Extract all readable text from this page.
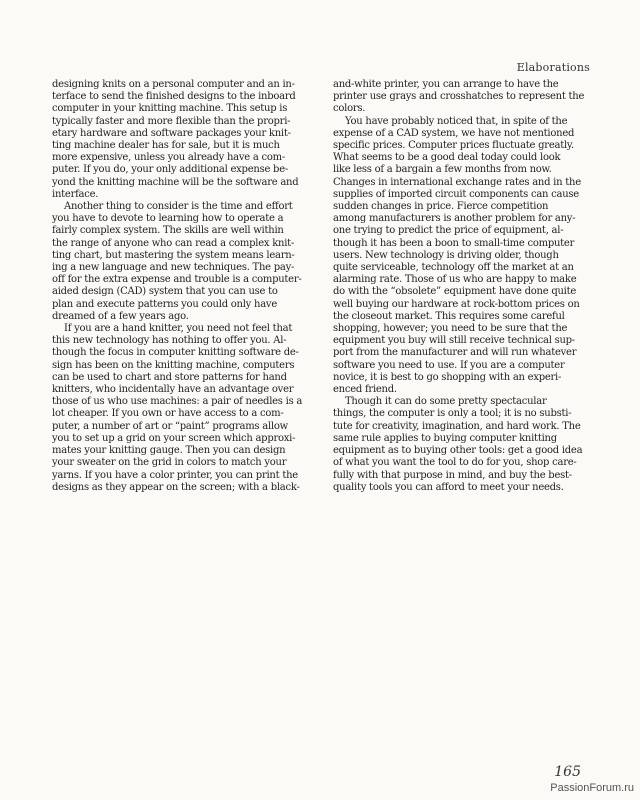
Elaborations
designing knits on a personal computer and an in-
terface to send the finished designs to the inboard
computer in your knitting machine. This setup is
typically faster and more flexible than the propri-
etary hardware and software packages your knit-
ting machine dealer has for sale, but it is much
more expensive, unless you already have a com-
puter. If you do, your only additional expense be-
yond the knitting machine will be the software and
interface.
Another thing to consider is the time and effort
you have to devote to learning how to operate a
fairly complex system. The skills are well within
the range of anyone who can read a complex knit-
ting chart, but mastering the system means learn-
ing a new language and new techniques. The pay-
off for the extra expense and trouble is a computer-
aided design (CAD) system that you can use to
plan and execute patterns you could only have
dreamed of a few years ago.
If you are a hand knitter, you need not feel that
this new technology has nothing to offer you. Al-
though the focus in computer knitting software de-
sign has been on the knitting machine, computers
can be used to chart and store patterns for hand
knitters, who incidentally have an advantage over
those of us who use machines: a pair of needles is a
lot cheaper. If you own or have access to a com-
puter, a number of art or “paint” programs allow
you to set up a grid on your screen which approxi-
mates your knitting gauge. Then you can design
your sweater on the grid in colors to match your
yarns. If you have a color printer, you can print the
designs as they appear on the screen; with a black-
and-white printer, you can arrange to have the
printer use grays and crosshatches to represent the
colors.
You have probably noticed that, in spite of the
expense of a CAD system, we have not mentioned
specific prices. Computer prices fluctuate greatly.
What seems to be a good deal today could look
like less of a bargain a few months from now.
Changes in international exchange rates and in the
supplies of imported circuit components can cause
sudden changes in price. Fierce competition
among manufacturers is another problem for any-
one trying to predict the price of equipment, al-
though it has been a boon to small-time computer
users. New technology is driving older, though
quite serviceable, technology off the market at an
alarming rate. Those of us who are happy to make
do with the “obsolete” equipment have done quite
well buying our hardware at rock-bottom prices on
the closeout market. This requires some careful
shopping, however; you need to be sure that the
equipment you buy will still receive technical sup-
port from the manufacturer and will run whatever
software you need to use. If you are a computer
novice, it is best to go shopping with an experi-
enced friend.
Though it can do some pretty spectacular
things, the computer is only a tool; it is no substi-
tute for creativity, imagination, and hard work. The
same rule applies to buying computer knitting
equipment as to buying other tools: get a good idea
of what you want the tool to do for you, shop care-
fully with that purpose in mind, and buy the best-
quality tools you can afford to meet your needs.
165
PassionForum.ru
